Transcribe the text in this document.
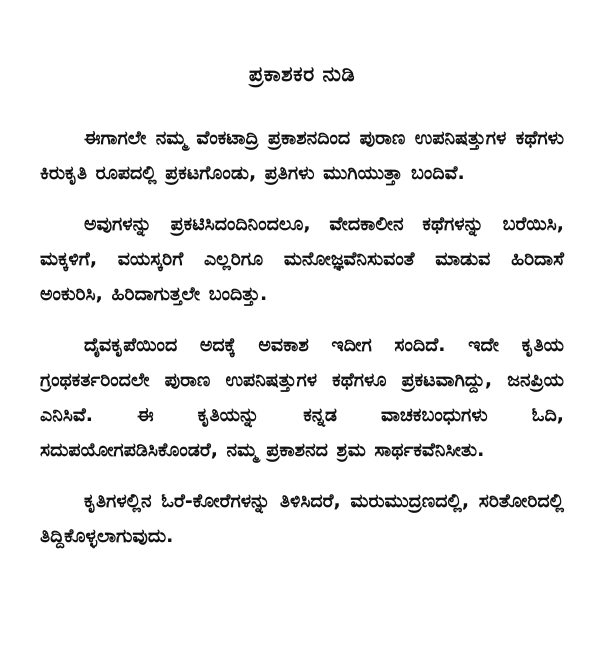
ಪ್ರಕಾಶಕರ ನುಡಿ

ಈಗಾಗಲೇ ನಮ್ಮ ವೆಂಕಟಾದ್ರಿ ಪ್ರಕಾಶನದಿಂದ ಪುರಾಣ ಉಪನಿಷತ್ತುಗಳ ಕಥೆಗಳು ಕಿರುಕೃತಿ ರೂಪದಲ್ಲಿ ಪ್ರಕಟಗೊಂಡು, ಪ್ರತಿಗಳು ಮುಗಿಯುತ್ತಾ ಬಂದಿವೆ.

ಅವುಗಳನ್ನು ಪ್ರಕಟಿಸಿದಂದಿನಿಂದಲೂ, ವೇದಕಾಲೀನ ಕಥೆಗಳನ್ನು ಬರೆಯಿಸಿ, ಮಕ್ಕಳಿಗೆ, ವಯಸ್ಕರಿಗೆ ಎಲ್ಲರಿಗೂ ಮನೋಜ್ಞವೆನಿಸುವಂತೆ ಮಾಡುವ ಹಿರಿದಾಸೆ ಅಂಕುರಿಸಿ, ಹಿರಿದಾಗುತ್ತಲೇ ಬಂದಿತ್ತು.

ದೈವಕೃಪೆಯಿಂದ ಅದಕ್ಕೆ ಅವಕಾಶ ಇದೀಗ ಸಂದಿದೆ. ಇದೇ ಕೃತಿಯ ಗ್ರಂಥಕರ್ತರಿಂದಲೇ ಪುರಾಣ ಉಪನಿಷತ್ತುಗಳ ಕಥೆಗಳೂ ಪ್ರಕಟವಾಗಿದ್ದು, ಜನಪ್ರಿಯ ಎನಿಸಿವೆ. ಈ ಕೃತಿಯನ್ನು ಕನ್ನಡ ವಾಚಕಬಂಧುಗಳು ಓದಿ, ಸದುಪಯೋಗಪಡಿಸಿಕೊಂಡರೆ, ನಮ್ಮ ಪ್ರಕಾಶನದ ಶ್ರಮ ಸಾರ್ಥಕವೆನಿಸೀತು.

ಕೃತಿಗಳಲ್ಲಿನ ಓರೆ-ಕೋರೆಗಳನ್ನು ತಿಳಿಸಿದರೆ, ಮರುಮುದ್ರಣದಲ್ಲಿ, ಸರಿತೋರಿದಲ್ಲಿ ತಿದ್ದಿಕೊಳ್ಳಲಾಗುವುದು.
